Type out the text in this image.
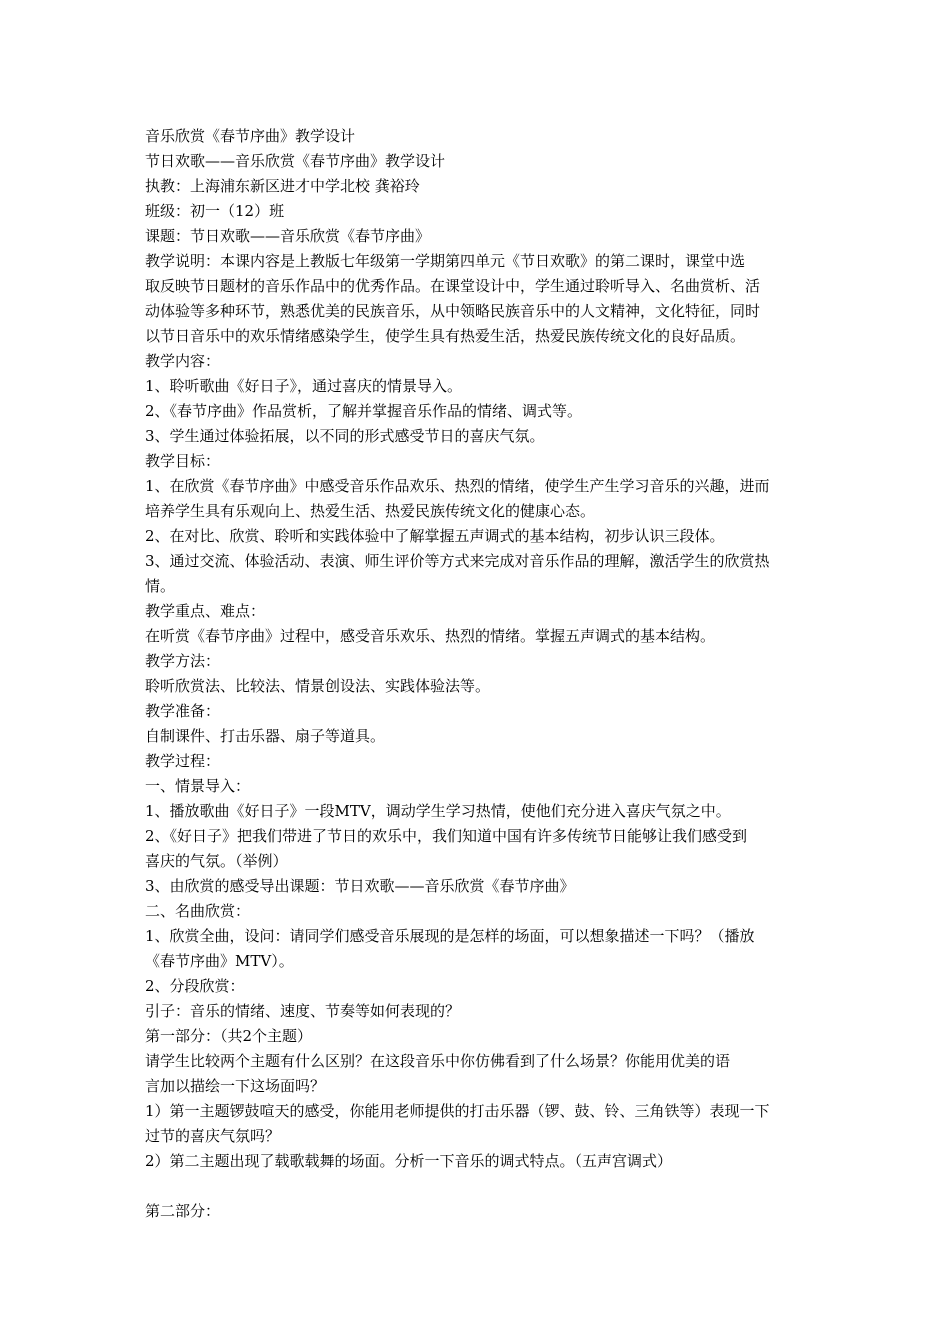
音乐欣赏《春节序曲》教学设计
节日欢歌——音乐欣赏《春节序曲》教学设计
执教：上海浦东新区进才中学北校 龚裕玲
班级：初一（12）班
课题：节日欢歌——音乐欣赏《春节序曲》
教学说明：本课内容是上教版七年级第一学期第四单元《节日欢歌》的第二课时，课堂中选
取反映节日题材的音乐作品中的优秀作品。在课堂设计中，学生通过聆听导入、名曲赏析、活
动体验等多种环节，熟悉优美的民族音乐，从中领略民族音乐中的人文精神，文化特征，同时
以节日音乐中的欢乐情绪感染学生，使学生具有热爱生活，热爱民族传统文化的良好品质。
教学内容：
1、聆听歌曲《好日子》，通过喜庆的情景导入。
2、《春节序曲》作品赏析，了解并掌握音乐作品的情绪、调式等。
3、学生通过体验拓展，以不同的形式感受节日的喜庆气氛。
教学目标：
1、在欣赏《春节序曲》中感受音乐作品欢乐、热烈的情绪，使学生产生学习音乐的兴趣，进而
培养学生具有乐观向上、热爱生活、热爱民族传统文化的健康心态。
2、在对比、欣赏、聆听和实践体验中了解掌握五声调式的基本结构，初步认识三段体。
3、通过交流、体验活动、表演、师生评价等方式来完成对音乐作品的理解，激活学生的欣赏热
情。
教学重点、难点：
在听赏《春节序曲》过程中，感受音乐欢乐、热烈的情绪。掌握五声调式的基本结构。
教学方法：
聆听欣赏法、比较法、情景创设法、实践体验法等。
教学准备：
自制课件、打击乐器、扇子等道具。
教学过程：
一、情景导入：
1、播放歌曲《好日子》一段MTV，调动学生学习热情，使他们充分进入喜庆气氛之中。
2、《好日子》把我们带进了节日的欢乐中，我们知道中国有许多传统节日能够让我们感受到
喜庆的气氛。（举例）
3、由欣赏的感受导出课题：节日欢歌——音乐欣赏《春节序曲》
二、名曲欣赏：
1、欣赏全曲，设问：请同学们感受音乐展现的是怎样的场面，可以想象描述一下吗？（播放
《春节序曲》MTV）。
2、分段欣赏：
引子：音乐的情绪、速度、节奏等如何表现的？
第一部分：（共2个主题）
请学生比较两个主题有什么区别？在这段音乐中你仿佛看到了什么场景？你能用优美的语
言加以描绘一下这场面吗？
1）第一主题锣鼓喧天的感受，你能用老师提供的打击乐器（锣、鼓、铃、三角铁等）表现一下
过节的喜庆气氛吗？
2）第二主题出现了载歌载舞的场面。分析一下音乐的调式特点。（五声宫调式）
第二部分：
